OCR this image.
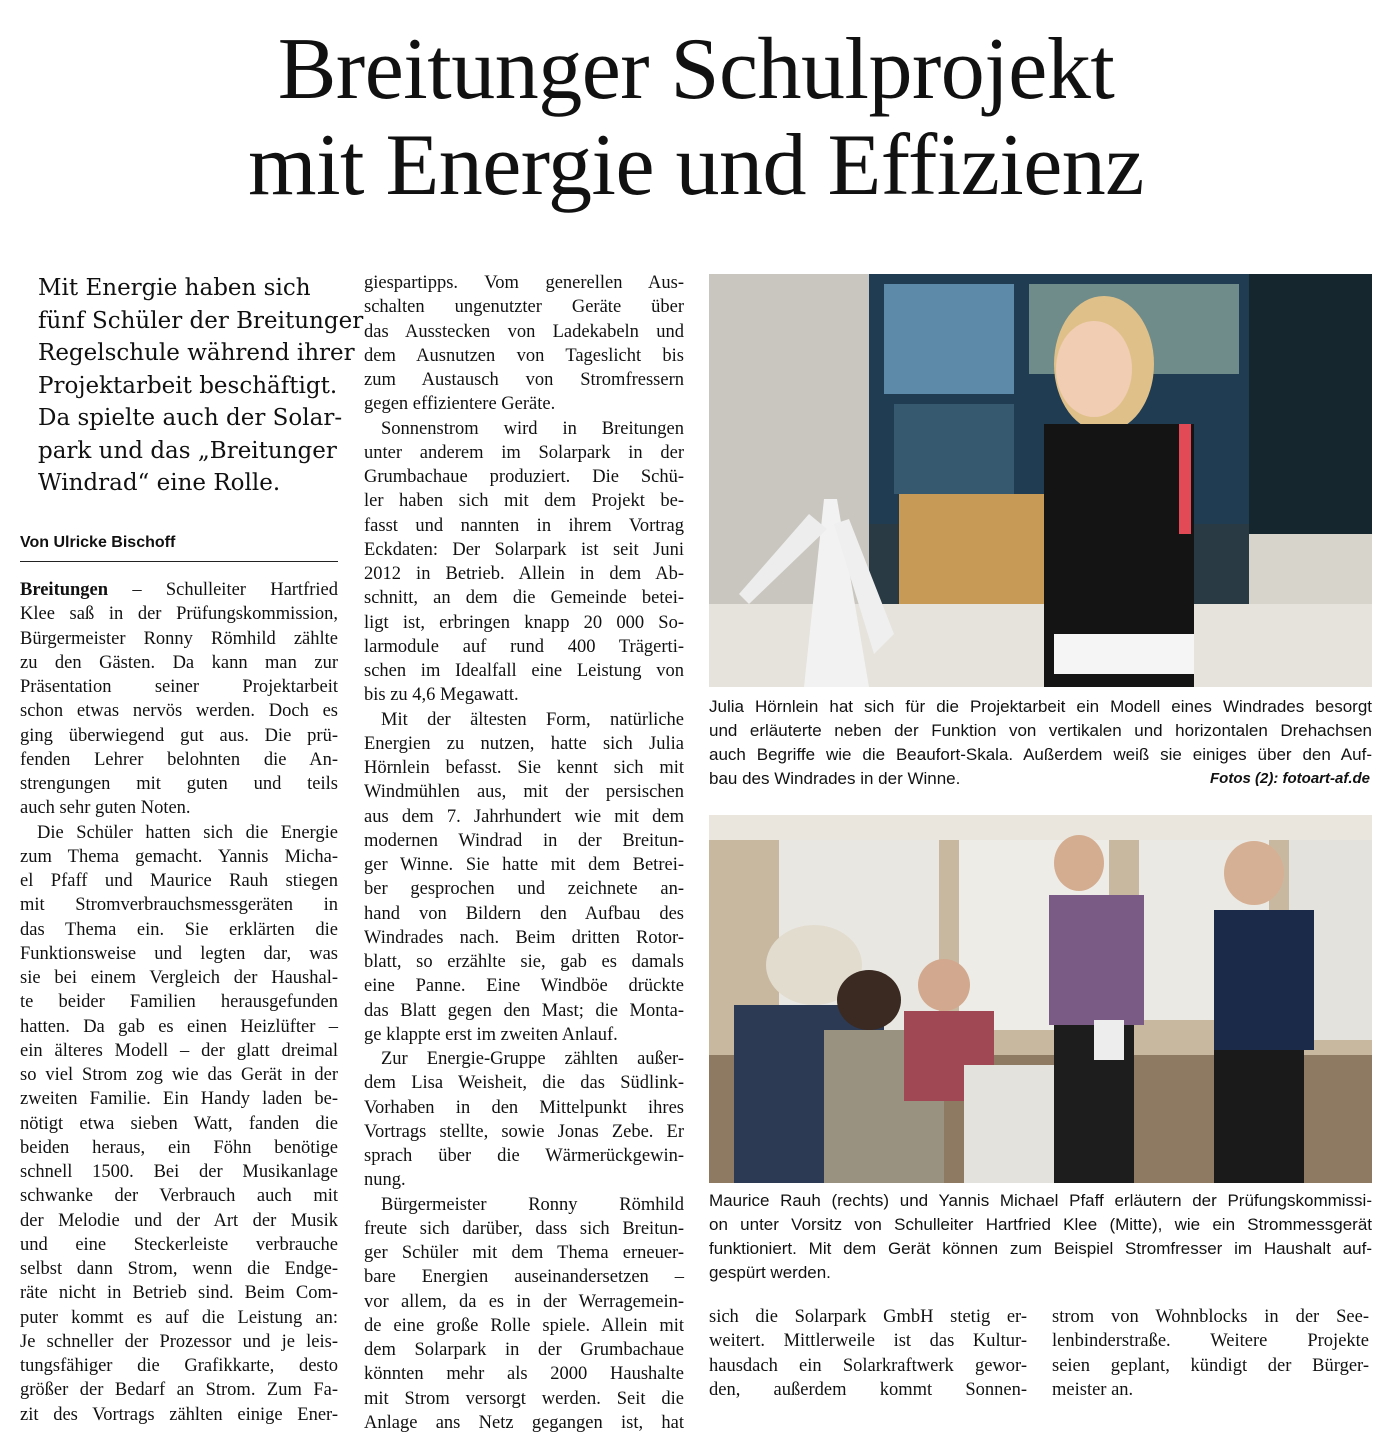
Breitunger Schulprojekt
mit Energie und Effizienz
Mit Energie haben sich
fünf Schüler der Breitunger
Regelschule während ihrer
Projektarbeit beschäftigt.
Da spielte auch der Solar-
park und das „Breitunger
Windrad“ eine Rolle.
Von Ulricke Bischoff
Breitungen – Schulleiter Hartfried
Klee saß in der Prüfungskommission,
Bürgermeister Ronny Römhild zählte
zu den Gästen. Da kann man zur
Präsentation seiner Projektarbeit
schon etwas nervös werden. Doch es
ging überwiegend gut aus. Die prü-
fenden Lehrer belohnten die An-
strengungen mit guten und teils
auch sehr guten Noten.
Die Schüler hatten sich die Energie
zum Thema gemacht. Yannis Michа-
el Pfaff und Maurice Rauh stiegen
mit Stromverbrauchsmessgeräten in
das Thema ein. Sie erklärten die
Funktionsweise und legten dar, was
sie bei einem Vergleich der Haushal-
te beider Familien herausgefunden
hatten. Da gab es einen Heizlüfter –
ein älteres Modell – der glatt dreimal
so viel Strom zog wie das Gerät in der
zweiten Familie. Ein Handy laden be-
nötigt etwa sieben Watt, fanden die
beiden heraus, ein Föhn benötige
schnell 1500. Bei der Musikanlage
schwanke der Verbrauch auch mit
der Melodie und der Art der Musik
und eine Steckerleiste verbrauche
selbst dann Strom, wenn die Endge-
räte nicht in Betrieb sind. Beim Com-
puter kommt es auf die Leistung an:
Je schneller der Prozessor und je leis-
tungsfähiger die Grafikkarte, desto
größer der Bedarf an Strom. Zum Fa-
zit des Vortrags zählten einige Ener-
giespartipps. Vom generellen Aus-
schalten ungenutzter Geräte über
das Ausstecken von Ladekabeln und
dem Ausnutzen von Tageslicht bis
zum Austausch von Stromfressern
gegen effizientere Geräte.
Sonnenstrom wird in Breitungen
unter anderem im Solarpark in der
Grumbachaue produziert. Die Schü-
ler haben sich mit dem Projekt be-
fasst und nannten in ihrem Vortrag
Eckdaten: Der Solarpark ist seit Juni
2012 in Betrieb. Allein in dem Ab-
schnitt, an dem die Gemeinde betei-
ligt ist, erbringen knapp 20 000 So-
larmodule auf rund 400 Trägerti-
schen im Idealfall eine Leistung von
bis zu 4,6 Megawatt.
Mit der ältesten Form, natürliche
Energien zu nutzen, hatte sich Julia
Hörnlein befasst. Sie kennt sich mit
Windmühlen aus, mit der persischen
aus dem 7. Jahrhundert wie mit dem
modernen Windrad in der Breitun-
ger Winne. Sie hatte mit dem Betrei-
ber gesprochen und zeichnete an-
hand von Bildern den Aufbau des
Windrades nach. Beim dritten Rotor-
blatt, so erzählte sie, gab es damals
eine Panne. Eine Windböe drückte
das Blatt gegen den Mast; die Monta-
ge klappte erst im zweiten Anlauf.
Zur Energie-Gruppe zählten außer-
dem Lisa Weisheit, die das Südlink-
Vorhaben in den Mittelpunkt ihres
Vortrags stellte, sowie Jonas Zebe. Er
sprach über die Wärmerückgewin-
nung.
Bürgermeister Ronny Römhild
freute sich darüber, dass sich Breitun-
ger Schüler mit dem Thema erneuer-
bare Energien auseinandersetzen –
vor allem, da es in der Werragemein-
de eine große Rolle spiele. Allein mit
dem Solarpark in der Grumbachaue
könnten mehr als 2000 Haushalte
mit Strom versorgt werden. Seit die
Anlage ans Netz gegangen ist, hat
Julia Hörnlein hat sich für die Projektarbeit ein Modell eines Windrades besorgt
und erläuterte neben der Funktion von vertikalen und horizontalen Drehachsen
auch Begriffe wie die Beaufort-Skala. Außerdem weiß sie einiges über den Auf-
bau des Windrades in der Winne.	Fotos (2): fotoart-af.de
Maurice Rauh (rechts) und Yannis Michael Pfaff erläutern der Prüfungskommissi-
on unter Vorsitz von Schulleiter Hartfried Klee (Mitte), wie ein Strommessgerät
funktioniert. Mit dem Gerät können zum Beispiel Stromfresser im Haushalt auf-
gespürt werden.
sich die Solarpark GmbH stetig er-
weitert. Mittlerweile ist das Kultur-
hausdach ein Solarkraftwerk gewor-
den, außerdem kommt Sonnen-
strom von Wohnblocks in der See-
lenbinderstraße. Weitere Projekte
seien geplant, kündigt der Bürger-
meister an.
